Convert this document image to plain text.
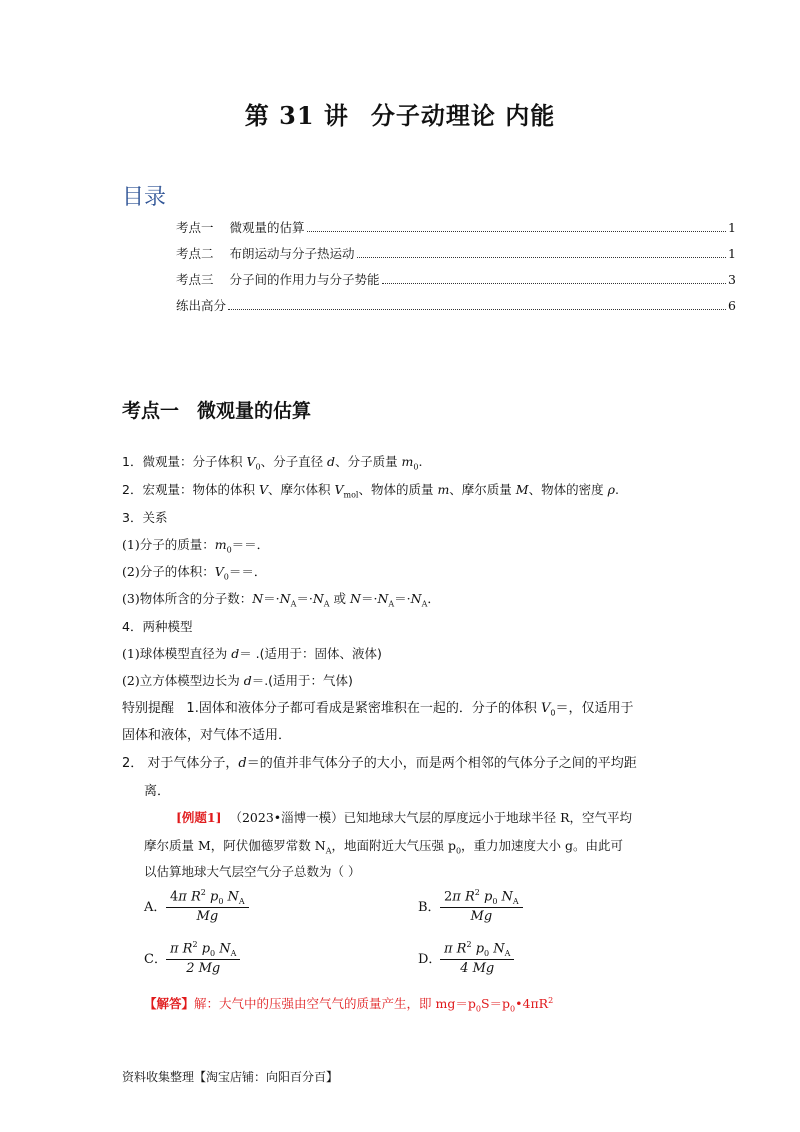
第 31 讲 分子动理论 内能
目录
考点一 微观量的估算	1
考点二 布朗运动与分子热运动	1
考点三 分子间的作用力与分子势能	3
练出高分	6
考点一 微观量的估算
1．微观量：分子体积 $V_0$、分子直径 d、分子质量 $m_0$.
2．宏观量：物体的体积 V、摩尔体积 $V_{mol}$、物体的质量 m、摩尔质量 M、物体的密度 ρ.
3．关系
(1)分子的质量：$m_0==$．
(2)分子的体积：$V_0==$．
(3)物体所含的分子数：$N=\cdot N_A=\cdot N_A$ 或 $N=\cdot N_A=\cdot N_A$．
4．两种模型
(1)球体模型直径为 d＝ .(适用于：固体、液体)
(2)立方体模型边长为 d＝.(适用于：气体)
特别提醒 1.固体和液体分子都可看成是紧密堆积在一起的．分子的体积 $V_0=$，仅适用于
固体和液体，对气体不适用．
2． 对于气体分子，d＝的值并非气体分子的大小，而是两个相邻的气体分子之间的平均距
离．
[例题1] （2023•淄博一模）已知地球大气层的厚度远小于地球半径 R，空气平均
摩尔质量 M，阿伏伽德罗常数 $N_A$，地面附近大气压强 $p_0$，重力加速度大小 g。由此可
以估算地球大气层空气分子总数为（ ）
A． $\frac{4\pi R^2 p_0 N_A}{Mg}$	B． $\frac{2\pi R^2 p_0 N_A}{Mg}$
C． $\frac{\pi R^2 p_0 N_A}{2 Mg}$	D．
$\frac{\pi R^2 p_0 N_A}{4 Mg}$
【解答】解：大气中的压强由空气气的质量产生，即 $mg=p_0S=p_0•4\pi R^2$
资料收集整理【淘宝店铺：向阳百分百】
